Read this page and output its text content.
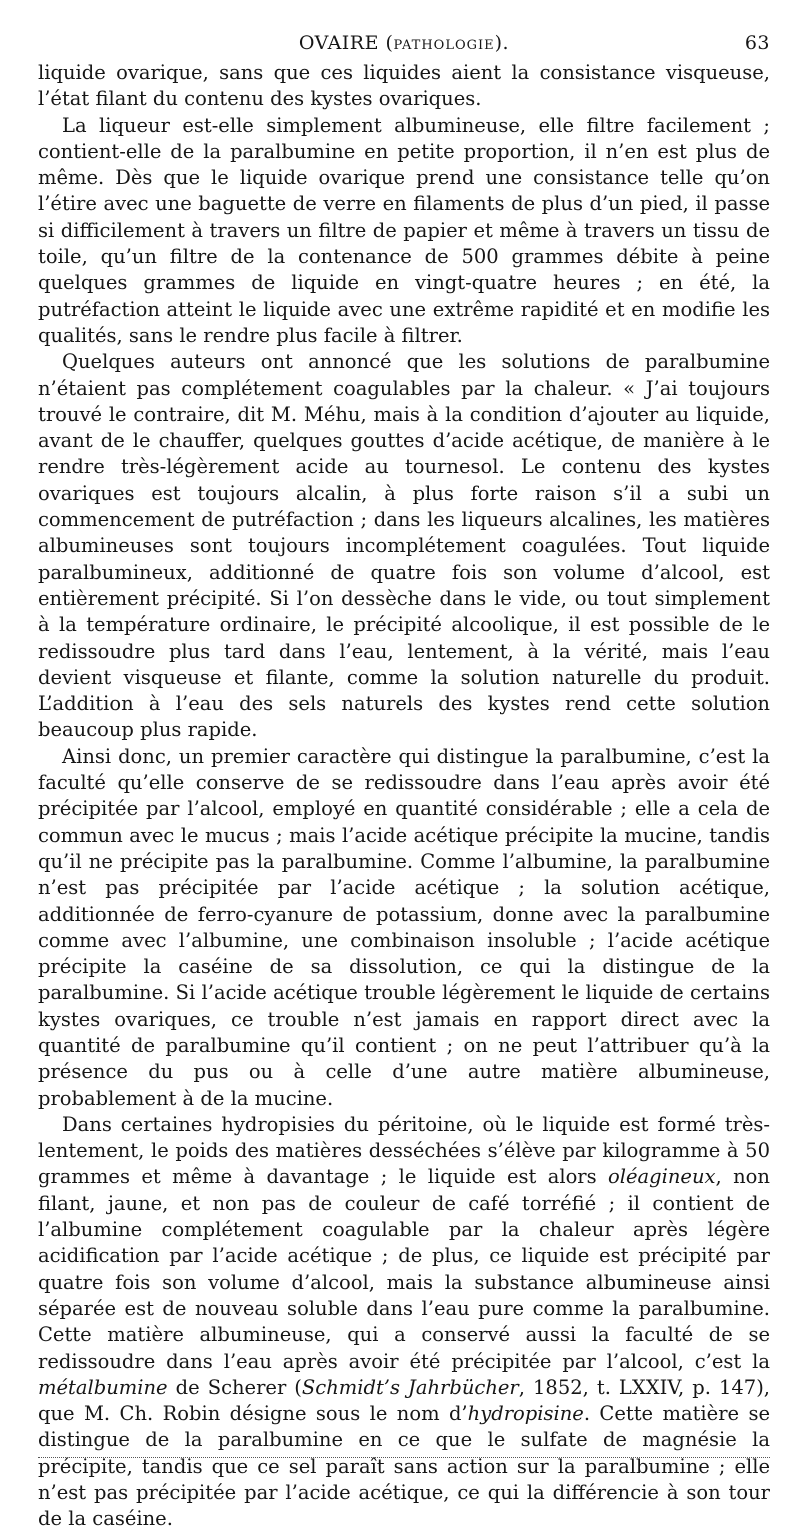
OVAIRE (PATHOLOGIE).	63

liquide ovarique, sans que ces liquides aient la consistance visqueuse, l’état filant du contenu des kystes ovariques.

La liqueur est-elle simplement albumineuse, elle filtre facilement ; contient-elle de la paralbumine en petite proportion, il n’en est plus de même. Dès que le liquide ovarique prend une consistance telle qu’on l’étire avec une baguette de verre en filaments de plus d’un pied, il passe si difficilement à travers un filtre de papier et même à travers un tissu de toile, qu’un filtre de la contenance de 500 grammes débite à peine quelques grammes de liquide en vingt-quatre heures ; en été, la putréfaction atteint le liquide avec une extrême rapidité et en modifie les qualités, sans le rendre plus facile à filtrer.

Quelques auteurs ont annoncé que les solutions de paralbumine n’étaient pas complétement coagulables par la chaleur. « J’ai toujours trouvé le contraire, dit M. Méhu, mais à la condition d’ajouter au liquide, avant de le chauffer, quelques gouttes d’acide acétique, de manière à le rendre très-légèrement acide au tournesol. Le contenu des kystes ovariques est toujours alcalin, à plus forte raison s’il a subi un commencement de putréfaction ; dans les liqueurs alcalines, les matières albumineuses sont toujours incomplétement coagulées. Tout liquide paralbumineux, additionné de quatre fois son volume d’alcool, est entièrement précipité. Si l’on dessèche dans le vide, ou tout simplement à la température ordinaire, le précipité alcoolique, il est possible de le redissoudre plus tard dans l’eau, lentement, à la vérité, mais l’eau devient visqueuse et filante, comme la solution naturelle du produit. L’addition à l’eau des sels naturels des kystes rend cette solution beaucoup plus rapide.

Ainsi donc, un premier caractère qui distingue la paralbumine, c’est la faculté qu’elle conserve de se redissoudre dans l’eau après avoir été précipitée par l’alcool, employé en quantité considérable ; elle a cela de commun avec le mucus ; mais l’acide acétique précipite la mucine, tandis qu’il ne précipite pas la paralbumine. Comme l’albumine, la paralbumine n’est pas précipitée par l’acide acétique ; la solution acétique, additionnée de ferro-cyanure de potassium, donne avec la paralbumine comme avec l’albumine, une combinaison insoluble ; l’acide acétique précipite la caséine de sa dissolution, ce qui la distingue de la paralbumine. Si l’acide acétique trouble légèrement le liquide de certains kystes ovariques, ce trouble n’est jamais en rapport direct avec la quantité de paralbumine qu’il contient ; on ne peut l’attribuer qu’à la présence du pus ou à celle d’une autre matière albumineuse, probablement à de la mucine.

Dans certaines hydropisies du péritoine, où le liquide est formé très-lentement, le poids des matières desséchées s’élève par kilogramme à 50 grammes et même à davantage ; le liquide est alors oléagineux, non filant, jaune, et non pas de couleur de café torréfié ; il contient de l’albumine complétement coagulable par la chaleur après légère acidification par l’acide acétique ; de plus, ce liquide est précipité par quatre fois son volume d’alcool, mais la substance albumineuse ainsi séparée est de nouveau soluble dans l’eau pure comme la paralbumine. Cette matière albumineuse, qui a conservé aussi la faculté de se redissoudre dans l’eau après avoir été précipitée par l’alcool, c’est la métalbumine de Scherer (Schmidt’s Jahrbücher, 1852, t. LXXIV, p. 147), que M. Ch. Robin désigne sous le nom d’hydropisine. Cette matière se distingue de la paralbumine en ce que le sulfate de magnésie la précipite, tandis que ce sel paraît sans action sur la paralbumine ; elle n’est pas précipitée par l’acide acétique, ce qui la différencie à son tour de la caséine.
